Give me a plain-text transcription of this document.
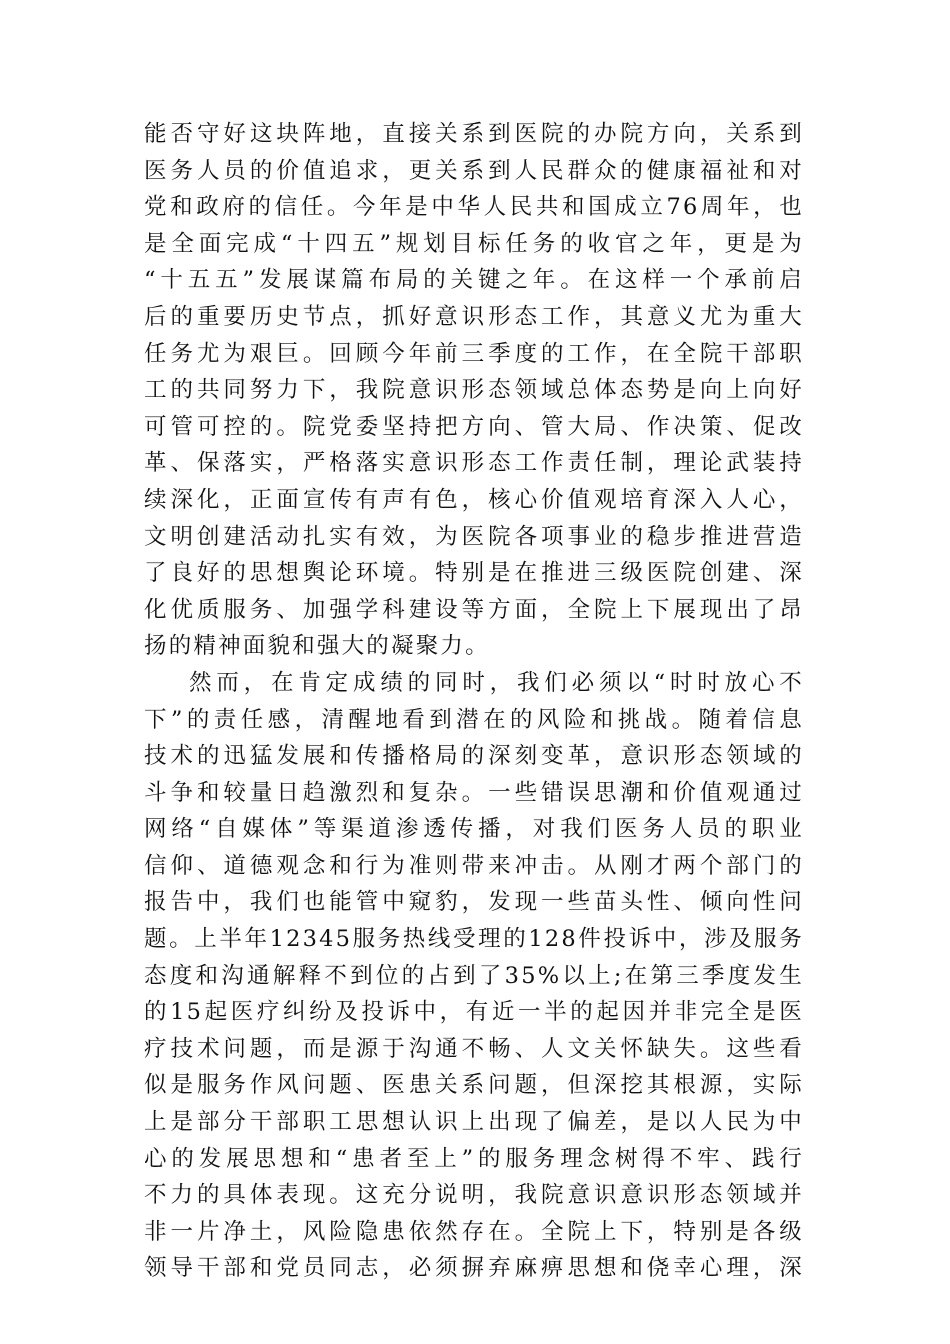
能否守好这块阵地，直接关系到医院的办院方向，关系到
医务人员的价值追求，更关系到人民群众的健康福祉和对
党和政府的信任。今年是中华人民共和国成立76周年，也
是全面完成“十四五”规划目标任务的收官之年，更是为
“十五五”发展谋篇布局的关键之年。在这样一个承前启
后的重要历史节点，抓好意识形态工作，其意义尤为重大
任务尤为艰巨。回顾今年前三季度的工作，在全院干部职
工的共同努力下，我院意识形态领域总体态势是向上向好
可管可控的。院党委坚持把方向、管大局、作决策、促改
革、保落实，严格落实意识形态工作责任制，理论武装持
续深化，正面宣传有声有色，核心价值观培育深入人心，
文明创建活动扎实有效，为医院各项事业的稳步推进营造
了良好的思想舆论环境。特别是在推进三级医院创建、深
化优质服务、加强学科建设等方面，全院上下展现出了昂
扬的精神面貌和强大的凝聚力。
然而，在肯定成绩的同时，我们必须以“时时放心不
下”的责任感，清醒地看到潜在的风险和挑战。随着信息
技术的迅猛发展和传播格局的深刻变革，意识形态领域的
斗争和较量日趋激烈和复杂。一些错误思潮和价值观通过
网络“自媒体”等渠道渗透传播，对我们医务人员的职业
信仰、道德观念和行为准则带来冲击。从刚才两个部门的
报告中，我们也能管中窥豹，发现一些苗头性、倾向性问
题。上半年12345服务热线受理的128件投诉中，涉及服务
态度和沟通解释不到位的占到了35%以上;在第三季度发生
的15起医疗纠纷及投诉中，有近一半的起因并非完全是医
疗技术问题，而是源于沟通不畅、人文关怀缺失。这些看
似是服务作风问题、医患关系问题，但深挖其根源，实际
上是部分干部职工思想认识上出现了偏差，是以人民为中
心的发展思想和“患者至上”的服务理念树得不牢、践行
不力的具体表现。这充分说明，我院意识意识形态领域并
非一片净土，风险隐患依然存在。全院上下，特别是各级
领导干部和党员同志，必须摒弃麻痹思想和侥幸心理，深
